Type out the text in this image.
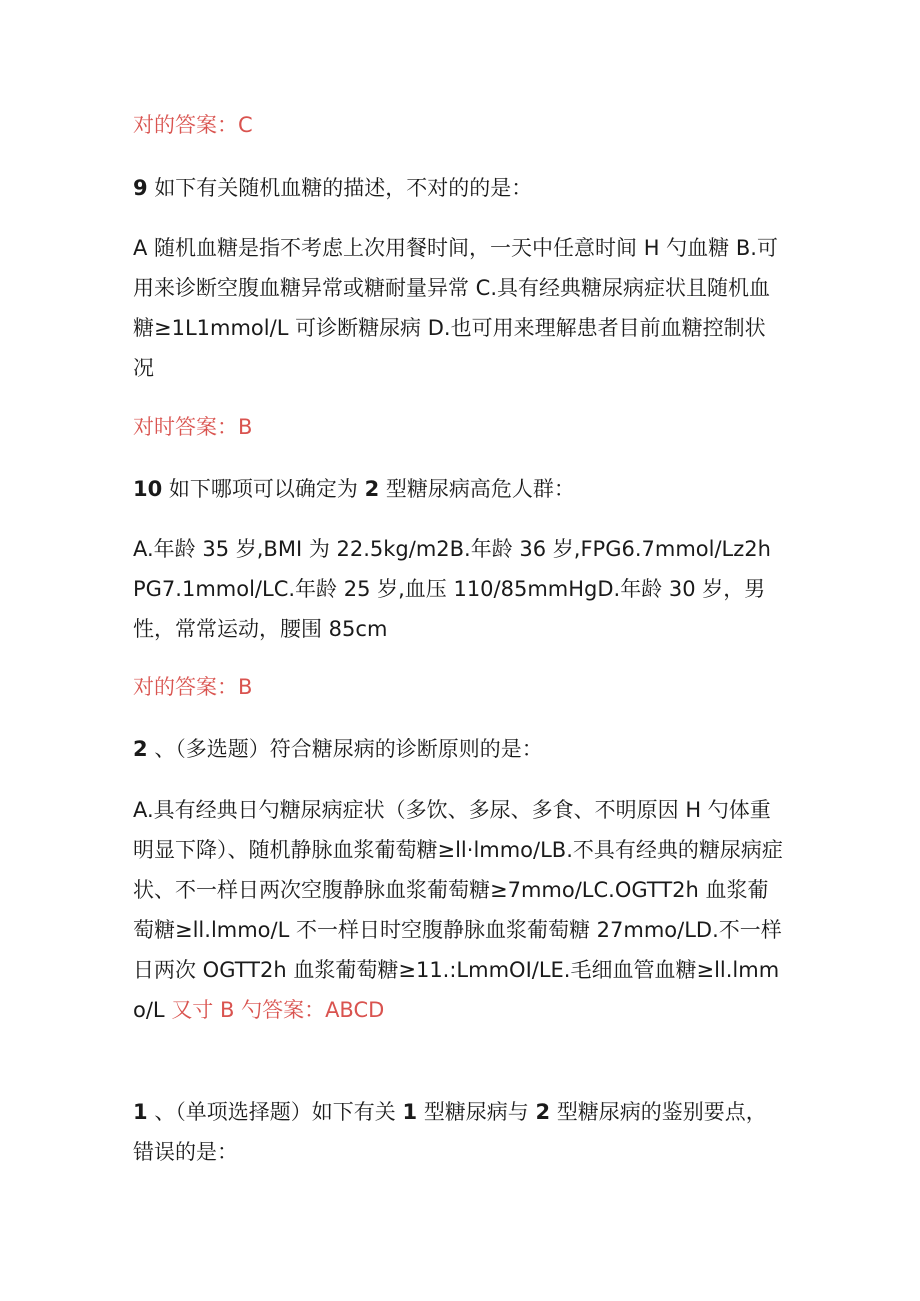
对的答案：C
9 如下有关随机血糖的描述，不对的的是：
A 随机血糖是指不考虑上次用餐时间，一天中任意时间 H 勺血糖 B.可用来诊断空腹血糖异常或糖耐量异常 C.具有经典糖尿病症状且随机血糖≥1L1mmol/L 可诊断糖尿病 D.也可用来理解患者目前血糖控制状况
对时答案：B
10 如下哪项可以确定为 2 型糖尿病高危人群：
A.年龄 35 岁,BMI 为 22.5kg∕m2B.年龄 36 岁,FPG6.7mmol/Lz2hPG7.1mmol/LC.年龄 25 岁,血压 110/85mmHgD.年龄 30 岁，男性，常常运动，腰围 85cm
对的答案：B
2 、（多选题）符合糖尿病的诊断原则的是：
A.具有经典日勺糖尿病症状（多饮、多尿、多食、不明原因 H 勺体重明显下降）、随机静脉血浆葡萄糖≥ll·lmmo∕LB.不具有经典的糖尿病症状、不一样日两次空腹静脉血浆葡萄糖≥7mmo∕LC.OGTT2h 血浆葡萄糖≥ll.lmmo∕L 不一样日时空腹静脉血浆葡萄糖 27mmo∕LD.不一样日两次 OGTT2h 血浆葡萄糖≥11.:LmmOI/LE.毛细血管血糖≥ll.lmmo∕L 又寸 B 勺答案：ABCD
1 、（单项选择题）如下有关 1 型糖尿病与 2 型糖尿病的鉴别要点，错误的是：
